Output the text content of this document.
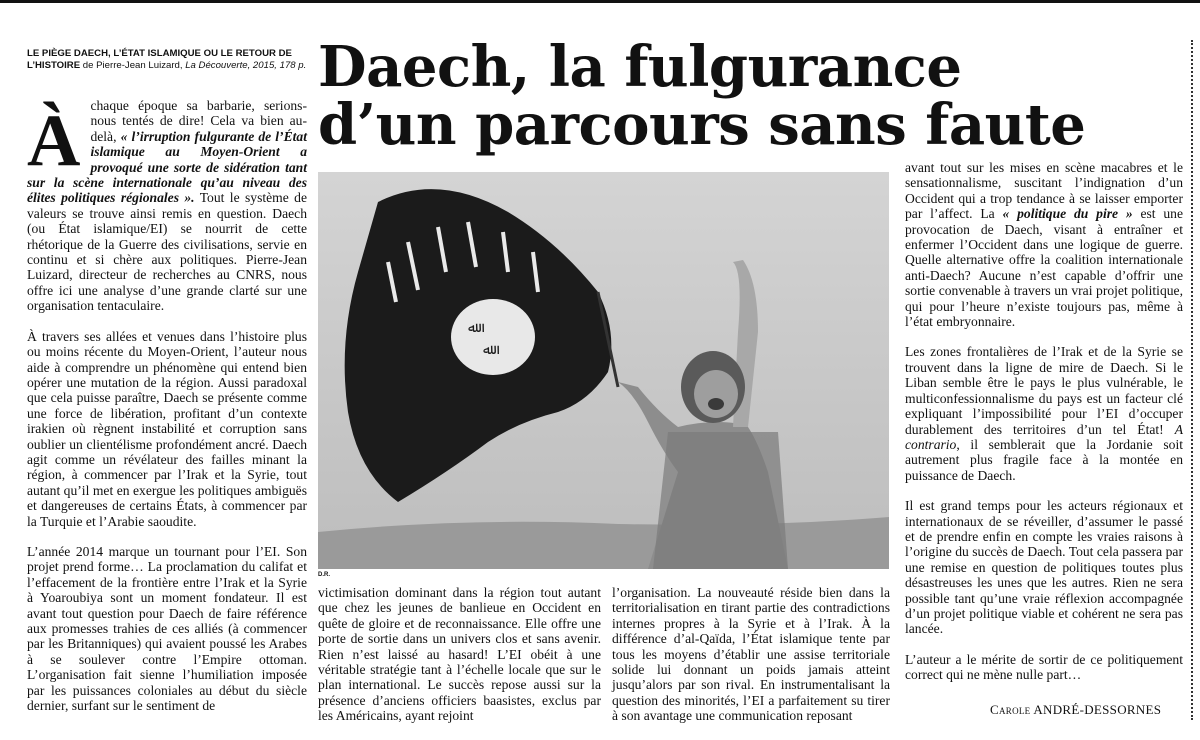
LE PIÈGE DAECH, L’ÉTAT ISLAMIQUE OU LE RETOUR DE L’HISTOIRE de Pierre-Jean Luizard, La Découverte, 2015, 178 p. Daech, la fulgurance
d’un parcours sans faute

À chaque époque sa barbarie, serions-nous tentés de dire! Cela va bien au-delà, « l’irruption fulgurante de l’État islamique au Moyen-Orient a provoqué une sorte de sidération tant sur la scène internationale qu’au niveau des élites politiques régionales ». Tout le système de valeurs se trouve ainsi remis en question. Daech (ou État islamique/EI) se nourrit de cette rhétorique de la Guerre des civilisations, servie en continu et si chère aux politiques. Pierre-Jean Luizard, directeur de recherches au CNRS, nous offre ici une analyse d’une grande clarté sur une organisation tentaculaire.

À travers ses allées et venues dans l’histoire plus ou moins récente du Moyen-Orient, l’auteur nous aide à comprendre un phénomène qui entend bien opérer une mutation de la région. Aussi paradoxal que cela puisse paraître, Daech se présente comme une force de libération, profitant d’un contexte irakien où règnent instabilité et corruption sans oublier un clientélisme profondément ancré. Daech agit comme un révélateur des failles minant la région, à commencer par l’Irak et la Syrie, tout autant qu’il met en exergue les politiques ambiguës et dangereuses de certains États, à commencer par la Turquie et l’Arabie saoudite.

L’année 2014 marque un tournant pour l’EI. Son projet prend forme… La proclamation du califat et l’effacement de la frontière entre l’Irak et la Syrie à Yoaroubiya sont un moment fondateur. Il est avant tout question pour Daech de faire référence aux promesses trahies de ces alliés (à commencer par les Britanniques) qui avaient poussé les Arabes à se soulever contre l’Empire ottoman. L’organisation fait sienne l’humiliation imposée par les puissances coloniales au début du siècle dernier, surfant sur le sentiment de

ﷲ
ﷲ
D.R.

victimisation dominant dans la région tout autant que chez les jeunes de banlieue en Occident en quête de gloire et de reconnaissance. Elle offre une porte de sortie dans un univers clos et sans avenir. Rien n’est laissé au hasard! L’EI obéit à une véritable stratégie tant à l’échelle locale que sur le plan international. Le succès repose aussi sur la présence d’anciens officiers baasistes, exclus par les Américains, ayant rejoint

l’organisation. La nouveauté réside bien dans la territorialisation en tirant partie des contradictions internes propres à la Syrie et à l’Irak. À la différence d’al-Qaïda, l’État islamique tente par tous les moyens d’établir une assise territoriale solide lui donnant un poids jamais atteint jusqu’alors par son rival. En instrumentalisant la question des minorités, l’EI a parfaitement su tirer à son avantage une communication reposant

avant tout sur les mises en scène macabres et le sensationnalisme, suscitant l’indignation d’un Occident qui a trop tendance à se laisser emporter par l’affect. La « politique du pire » est une provocation de Daech, visant à entraîner et enfermer l’Occident dans une logique de guerre. Quelle alternative offre la coalition internationale anti-Daech? Aucune n’est capable d’offrir une sortie convenable à travers un vrai projet politique, qui pour l’heure n’existe toujours pas, même à l’état embryonnaire.

Les zones frontalières de l’Irak et de la Syrie se trouvent dans la ligne de mire de Daech. Si le Liban semble être le pays le plus vulnérable, le multiconfessionnalisme du pays est un facteur clé expliquant l’impossibilité pour l’EI d’occuper durablement des territoires d’un tel État! A contrario, il semblerait que la Jordanie soit autrement plus fragile face à la montée en puissance de Daech.

Il est grand temps pour les acteurs régionaux et internationaux de se réveiller, d’assumer le passé et de prendre enfin en compte les vraies raisons à l’origine du succès de Daech. Tout cela passera par une remise en question de politiques toutes plus désastreuses les unes que les autres. Rien ne sera possible tant qu’une vraie réflexion accompagnée d’un projet politique viable et cohérent ne sera pas lancée.

L’auteur a le mérite de sortir de ce politiquement correct qui ne mène nulle part…

Carole ANDRÉ-DESSORNES
